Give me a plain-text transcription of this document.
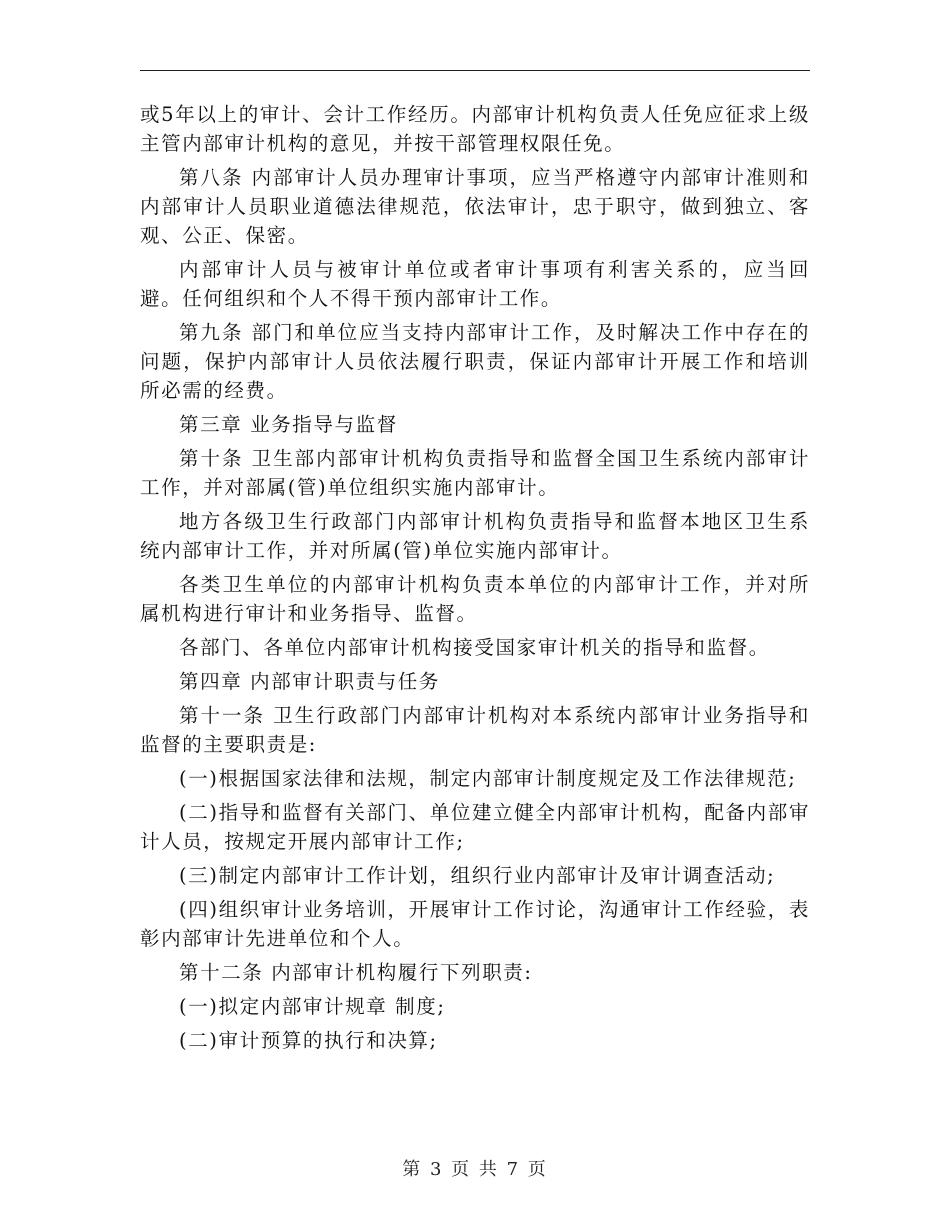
或5年以上的审计、会计工作经历。内部审计机构负责人任免应征求上级主管内部审计机构的意见，并按干部管理权限任免。

第八条 内部审计人员办理审计事项，应当严格遵守内部审计准则和内部审计人员职业道德法律规范，依法审计，忠于职守，做到独立、客观、公正、保密。

内部审计人员与被审计单位或者审计事项有利害关系的，应当回避。任何组织和个人不得干预内部审计工作。

第九条 部门和单位应当支持内部审计工作，及时解决工作中存在的问题，保护内部审计人员依法履行职责，保证内部审计开展工作和培训所必需的经费。

第三章 业务指导与监督

第十条 卫生部内部审计机构负责指导和监督全国卫生系统内部审计工作，并对部属(管)单位组织实施内部审计。

地方各级卫生行政部门内部审计机构负责指导和监督本地区卫生系统内部审计工作，并对所属(管)单位实施内部审计。

各类卫生单位的内部审计机构负责本单位的内部审计工作，并对所属机构进行审计和业务指导、监督。

各部门、各单位内部审计机构接受国家审计机关的指导和监督。

第四章 内部审计职责与任务

第十一条 卫生行政部门内部审计机构对本系统内部审计业务指导和监督的主要职责是:

(一)根据国家法律和法规，制定内部审计制度规定及工作法律规范;

(二)指导和监督有关部门、单位建立健全内部审计机构，配备内部审计人员，按规定开展内部审计工作;

(三)制定内部审计工作计划，组织行业内部审计及审计调查活动;

(四)组织审计业务培训，开展审计工作讨论，沟通审计工作经验，表彰内部审计先进单位和个人。

第十二条 内部审计机构履行下列职责:

(一)拟定内部审计规章 制度;

(二)审计预算的执行和决算;

第 3 页 共 7 页
